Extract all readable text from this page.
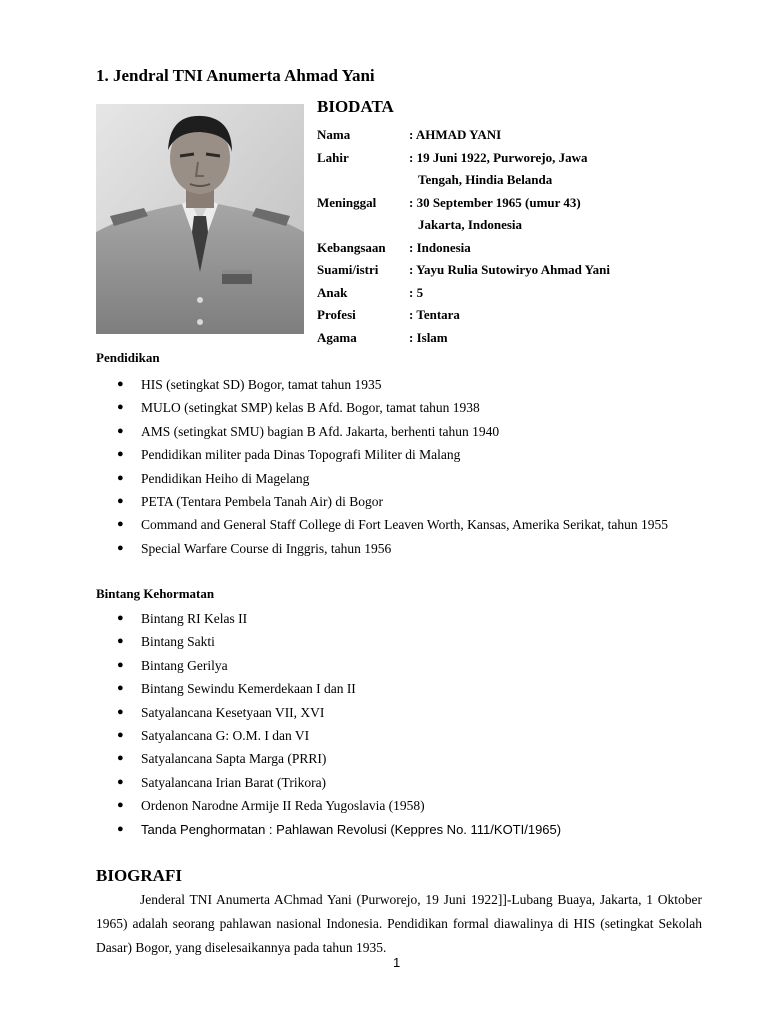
1. Jendral TNI Anumerta Ahmad Yani
BIODATA
Nama	: AHMAD YANI
Lahir	: 19 Juni 1922, Purworejo, Jawa
Tengah, Hindia Belanda
Meninggal	: 30 September 1965 (umur 43)
Jakarta, Indonesia
Kebangsaan	: Indonesia
Suami/istri	: Yayu Rulia Sutowiryo Ahmad Yani
Anak	: 5
Profesi	: Tentara
Agama	: Islam
Pendidikan
● HIS (setingkat SD) Bogor, tamat tahun 1935
● MULO (setingkat SMP) kelas B Afd. Bogor, tamat tahun 1938
● AMS (setingkat SMU) bagian B Afd. Jakarta, berhenti tahun 1940
● Pendidikan militer pada Dinas Topografi Militer di Malang
● Pendidikan Heiho di Magelang
● PETA (Tentara Pembela Tanah Air) di Bogor
● Command and General Staff College di Fort Leaven Worth, Kansas, Amerika Serikat, tahun 1955
● Special Warfare Course di Inggris, tahun 1956
Bintang Kehormatan
● Bintang RI Kelas II
● Bintang Sakti
● Bintang Gerilya
● Bintang Sewindu Kemerdekaan I dan II
● Satyalancana Kesetyaan VII, XVI
● Satyalancana G: O.M. I dan VI
● Satyalancana Sapta Marga (PRRI)
● Satyalancana Irian Barat (Trikora)
● Ordenon Narodne Armije II Reda Yugoslavia (1958)
● Tanda Penghormatan : Pahlawan Revolusi (Keppres No. 111/KOTI/1965)
BIOGRAFI

Jenderal TNI Anumerta AChmad Yani (Purworejo, 19 Juni 1922]]-Lubang Buaya, Jakarta, 1 Oktober 1965) adalah seorang pahlawan nasional Indonesia. Pendidikan formal diawalinya di HIS (setingkat Sekolah Dasar) Bogor, yang diselesaikannya pada tahun 1935.

1
